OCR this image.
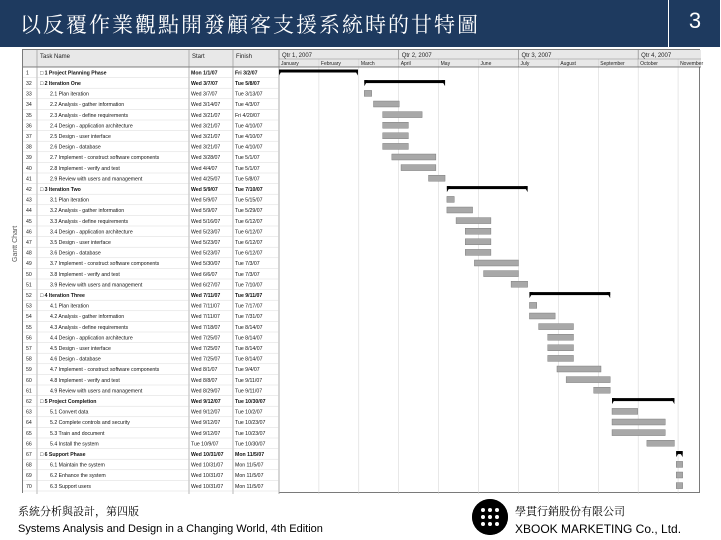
以反覆作業觀點開發顧客支援系統時的甘特圖	3
Gantt Chart
Task Name	Start	Finish	Qtr 1, 2007	Qtr 2, 2007	Qtr 3, 2007	Qtr 4, 2007
January	February	March	April	May	June	July	August	September	October	November
1 □ 1 Project Planning Phase	Mon 1/1/07	Fri 3/2/07
32 □ 2 Iteration One	Wed 3/7/07	Tue 5/8/07
33	2.1 Plan iteration	Wed 3/7/07	Tue 3/13/07
34	2.2 Analysis - gather information	Wed 3/14/07	Tue 4/3/07
35	2.3 Analysis - define requirements	Wed 3/21/07	Fri 4/20/07
36	2.4 Design - application architecture	Wed 3/21/07	Tue 4/10/07
37	2.5 Design - user interface	Wed 3/21/07	Tue 4/10/07
38	2.6 Design - database	Wed 3/21/07	Tue 4/10/07
39	2.7 Implement - construct software components	Wed 3/28/07	Tue 5/1/07
40	2.8 Implement - verify and test	Wed 4/4/07	Tue 5/1/07
41	2.9 Review with users and management	Wed 4/25/07	Tue 5/8/07
42 □ 3 Iteration Two	Wed 5/9/07	Tue 7/10/07
43	3.1 Plan iteration	Wed 5/9/07	Tue 5/15/07
44	3.2 Analysis - gather information	Wed 5/9/07	Tue 5/29/07
45	3.3 Analysis - define requirements	Wed 5/16/07	Tue 6/12/07
46	3.4 Design - application architecture	Wed 5/23/07	Tue 6/12/07
47	3.5 Design - user interface	Wed 5/23/07	Tue 6/12/07
48	3.6 Design - database	Wed 5/23/07	Tue 6/12/07
49	3.7 Implement - construct software components	Wed 5/30/07	Tue 7/3/07
50	3.8 Implement - verify and test	Wed 6/6/07	Tue 7/3/07
51	3.9 Review with users and management	Wed 6/27/07	Tue 7/10/07
52 □ 4 Iteration Three	Wed 7/11/07	Tue 9/11/07
53	4.1 Plan iteration	Wed 7/11/07	Tue 7/17/07
54	4.2 Analysis - gather information	Wed 7/11/07	Tue 7/31/07
55	4.3 Analysis - define requirements	Wed 7/18/07	Tue 8/14/07
56	4.4 Design - application architecture	Wed 7/25/07	Tue 8/14/07
57	4.5 Design - user interface	Wed 7/25/07	Tue 8/14/07
58	4.6 Design - database	Wed 7/25/07	Tue 8/14/07
59	4.7 Implement - construct software components	Wed 8/1/07	Tue 9/4/07
60	4.8 Implement - verify and test	Wed 8/8/07	Tue 9/11/07
61	4.9 Review with users and management	Wed 8/29/07	Tue 9/11/07
62 □ 5 Project Completion	Wed 9/12/07	Tue 10/30/07
63	5.1 Convert data	Wed 9/12/07	Tue 10/2/07
64	5.2 Complete controls and security	Wed 9/12/07	Tue 10/23/07
65	5.3 Train and document	Wed 9/12/07	Tue 10/23/07
66	5.4 Install the system	Tue 10/9/07	Tue 10/30/07
67 □ 6 Support Phase	Wed 10/31/07 Mon 11/5/07
68	6.1 Maintain the system	Wed 10/31/07 Mon 11/5/07
69	6.2 Enhance the system	Wed 10/31/07 Mon 11/5/07
70	6.3 Support users	Wed 10/31/07 Mon 11/5/07
系統分析與設計，第四版
Systems Analysis and Design in a Changing World, 4th Edition
學貫行銷股份有限公司
XBOOK MARKETING Co., Ltd.
